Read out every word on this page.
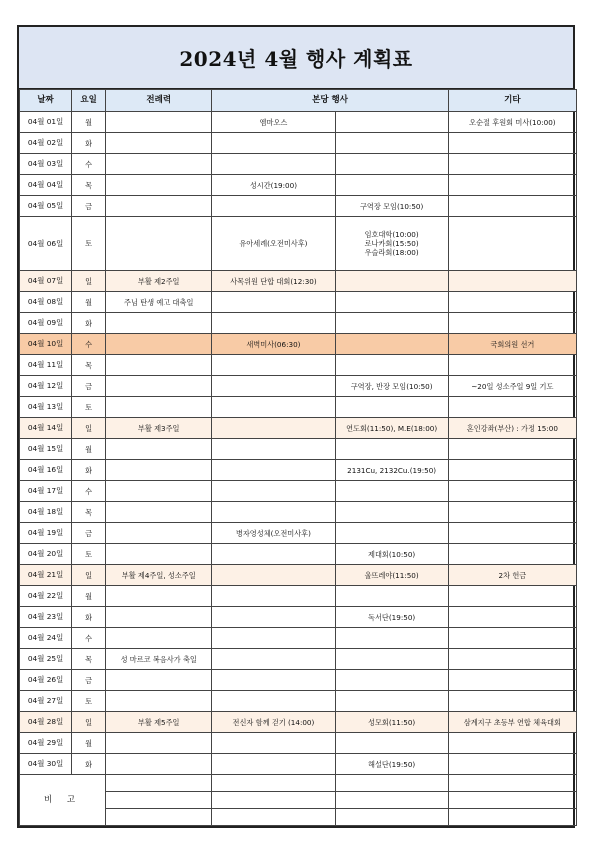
2024년 4월 행사 계획표
날짜	요일	전례력	본당 행사		기타
04월 01일	월		엠마오스		오순절 후원회 미사(10:00)
04월 02일	화				
04월 03일	수				
04월 04일	목		성시간(19:00)		
04월 05일	금			구역장 모임(10:50)	

04월 06일	토		유아세례(오전미사후)	임호대학(10:00)
로나카회(15:50)
우슬라회(18:00)	

04월 07일	일	부활 제2주일	사목위원 단합 대회(12:30)		
04월 08일	월	주님 탄생 예고 대축일			
04월 09일	화				
04월 10일	수		새벽미사(06:30)		국회의원 선거
04월 11일	목				
04월 12일	금			구역장, 반장 모임(10:50)	~20일 성소주일 9일 기도
04월 13일	토				
04월 14일	일	부활 제3주일		연도회(11:50), M.E(18:00)	혼인강좌(부산) : 가정 15:00
04월 15일	월				
04월 16일	화			2131Cu, 2132Cu.(19:50)	

04월 17일	수				
04월 18일	목				
04월 19일	금		병자영성체(오전미사후)		
04월 20일	토			제대회(10:50)	

04월 21일	일	부활 제4주일, 성소주일		울뜨레야(11:50)	2차 헌금
04월 22일	월				
04월 23일	화			독서단(19:50)	

04월 24일	수				
04월 25일	목	성 마르코 복음사가 축일			
04월 26일	금				
04월 27일	토				
04월 28일	일	부활 제5주일	전신자 함께 걷기 (14:00)	성모회(11:50)	삼계지구 초등부 연합 체육대회
04월 29일	월				
04월 30일	화			해설단(19:50)	

비 고					
